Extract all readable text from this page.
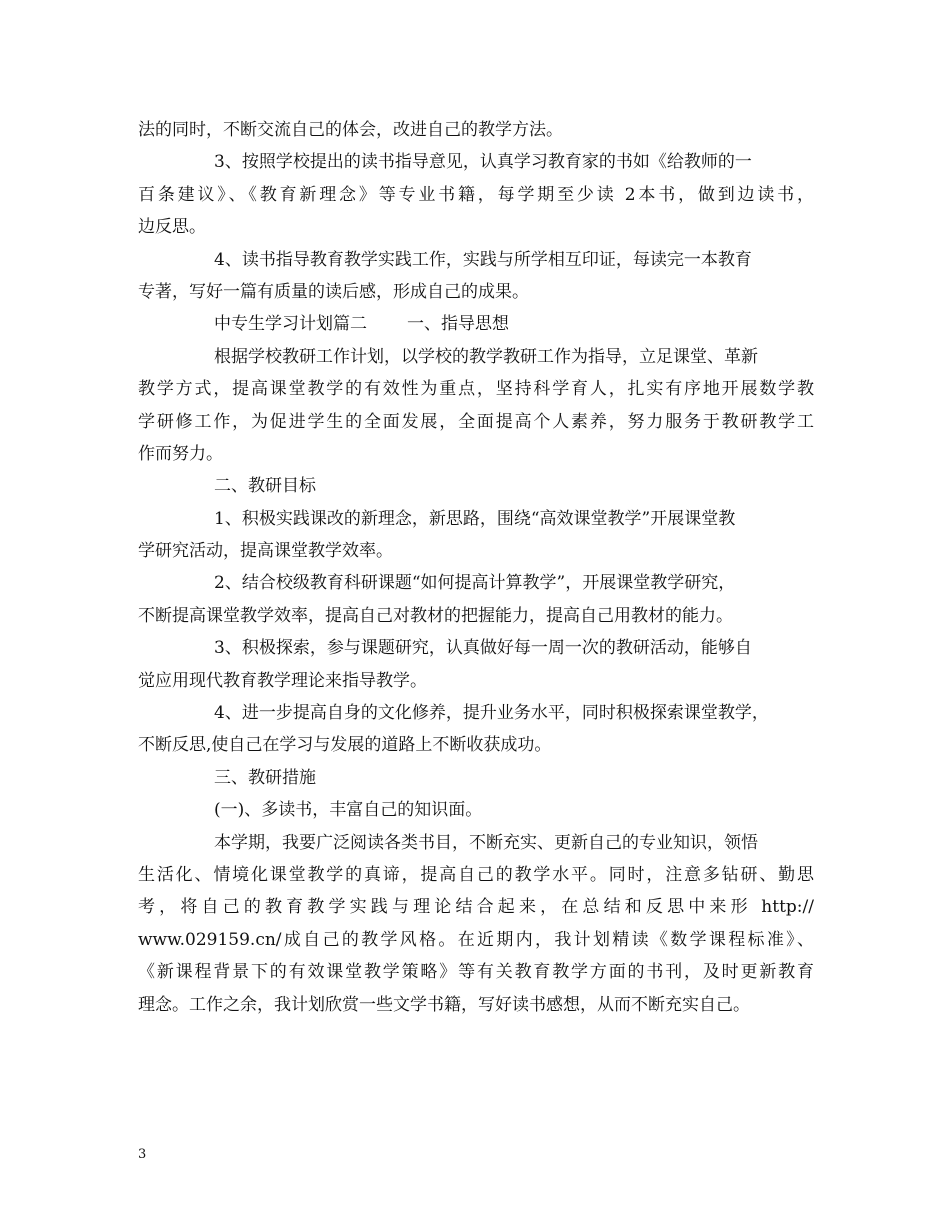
法的同时，不断交流自己的体会，改进自己的教学方法。
3、按照学校提出的读书指导意见，认真学习教育家的书如《给教师的一
百条建议》、《教育新理念》等专业书籍，每学期至少读 2本书，做到边读书，
边反思。
4、读书指导教育教学实践工作，实践与所学相互印证，每读完一本教育
专著，写好一篇有质量的读后感，形成自己的成果。
中专生学习计划篇二 一、指导思想
根据学校教研工作计划，以学校的教学教研工作为指导，立足课堂、革新
教学方式，提高课堂教学的有效性为重点，坚持科学育人，扎实有序地开展数学教
学研修工作，为促进学生的全面发展，全面提高个人素养，努力服务于教研教学工
作而努力。
二、教研目标
1、积极实践课改的新理念，新思路，围绕“高效课堂教学”开展课堂教
学研究活动，提高课堂教学效率。
2、结合校级教育科研课题“如何提高计算教学”，开展课堂教学研究，
不断提高课堂教学效率，提高自己对教材的把握能力，提高自己用教材的能力。
3、积极探索，参与课题研究，认真做好每一周一次的教研活动，能够自
觉应用现代教育教学理论来指导教学。
4、进一步提高自身的文化修养，提升业务水平，同时积极探索课堂教学，
不断反思,使自己在学习与发展的道路上不断收获成功。
三、教研措施
(一)、多读书，丰富自己的知识面。
本学期，我要广泛阅读各类书目，不断充实、更新自己的专业知识，领悟
生活化、情境化课堂教学的真谛，提高自己的教学水平。同时，注意多钻研、勤思
考，将自己的教育教学实践与理论结合起来，在总结和反思中来形 http://
www.029159.cn/成自己的教学风格。在近期内，我计划精读《数学课程标准》、
《新课程背景下的有效课堂教学策略》等有关教育教学方面的书刊，及时更新教育
理念。工作之余，我计划欣赏一些文学书籍，写好读书感想，从而不断充实自己。
3
